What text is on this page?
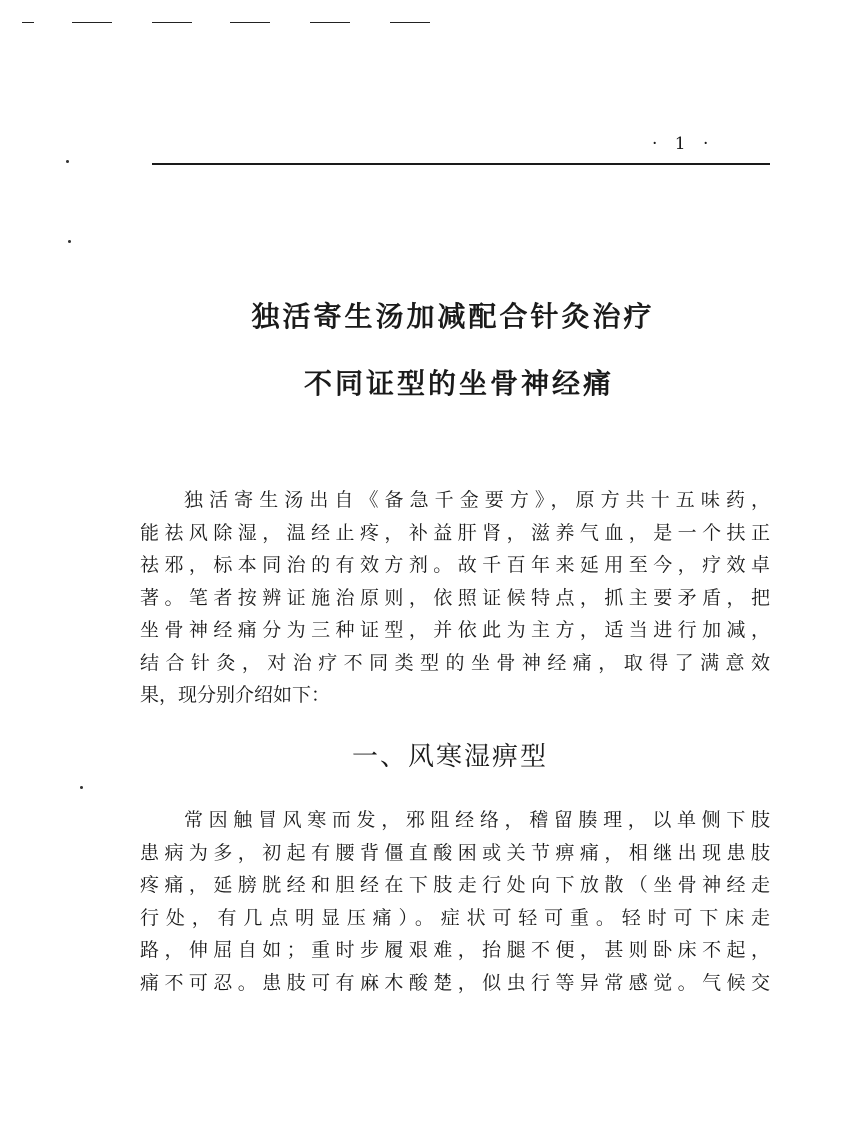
· 1 ·
独活寄生汤加减配合针灸治疗
不同证型的坐骨神经痛
独活寄生汤出自《备急千金要方》，原方共十五味药，
能祛风除湿，温经止疼，补益肝肾，滋养气血，是一个扶正
祛邪，标本同治的有效方剂。故千百年来延用至今，疗效卓
著。笔者按辨证施治原则，依照证候特点，抓主要矛盾，把
坐骨神经痛分为三种证型，并依此为主方，适当进行加减，
结合针灸，对治疗不同类型的坐骨神经痛，取得了满意效
果，现分别介绍如下：
一、风寒湿痹型
常因触冒风寒而发，邪阻经络，稽留腠理，以单侧下肢
患病为多，初起有腰背僵直酸困或关节痹痛，相继出现患肢
疼痛，延膀胱经和胆经在下肢走行处向下放散（坐骨神经走
行处，有几点明显压痛）。症状可轻可重。轻时可下床走
路，伸屈自如；重时步履艰难，抬腿不便，甚则卧床不起，
痛不可忍。患肢可有麻木酸楚，似虫行等异常感觉。气候交
